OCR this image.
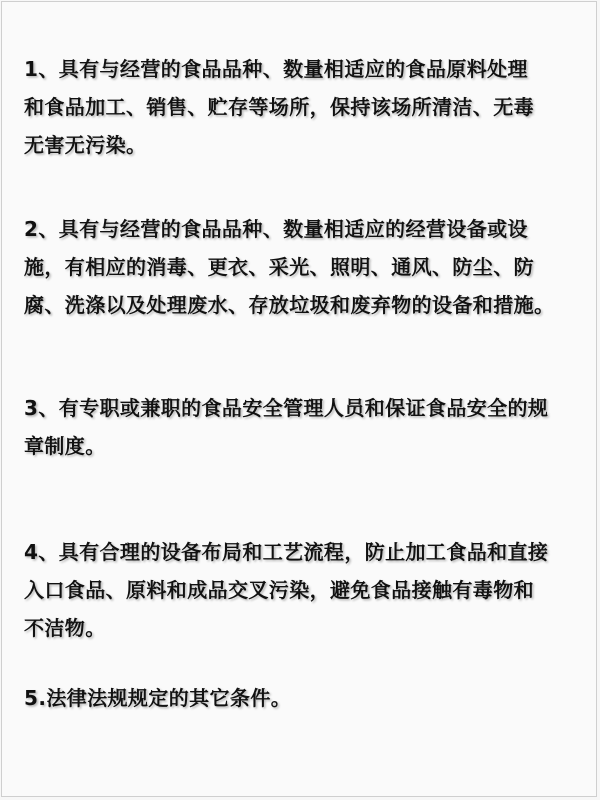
1、具有与经营的食品品种、数量相适应的食品原料处理
和食品加工、销售、贮存等场所，保持该场所清洁、无毒
无害无污染。
2、具有与经营的食品品种、数量相适应的经营设备或设
施，有相应的消毒、更衣、采光、照明、通风、防尘、防
腐、洗涤以及处理废水、存放垃圾和废弃物的设备和措施。
3、有专职或兼职的食品安全管理人员和保证食品安全的规
章制度。
4、具有合理的设备布局和工艺流程，防止加工食品和直接
入口食品、原料和成品交叉污染，避免食品接触有毒物和
不洁物。
5.法律法规规定的其它条件。
